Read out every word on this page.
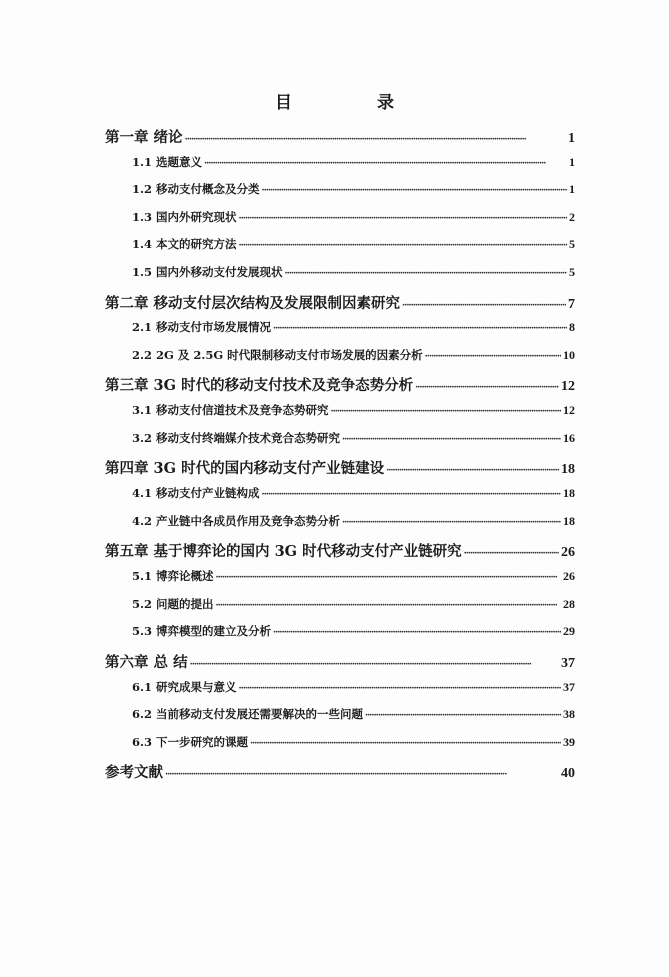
目　录
第一章 绪论 ·····	1
1.1 选题意义 ·····	1
1.2 移动支付概念及分类 ·····	1
1.3 国内外研究现状 ·····	2
1.4 本文的研究方法 ·····	5
1.5 国内外移动支付发展现状 ·····	5
第二章 移动支付层次结构及发展限制因素研究 ·····	7
2.1 移动支付市场发展情况 ·····	8
2.2 2G 及 2.5G 时代限制移动支付市场发展的因素分析 ·····	10
第三章 3G 时代的移动支付技术及竞争态势分析 ·····	12
3.1 移动支付信道技术及竞争态势研究 ·····	12
3.2 移动支付终端媒介技术竞合态势研究 ·····	16
第四章 3G 时代的国内移动支付产业链建设 ·····	18
4.1 移动支付产业链构成 ·····	18
4.2 产业链中各成员作用及竞争态势分析 ·····	18
第五章 基于博弈论的国内 3G 时代移动支付产业链研究 ·····	26
5.1 博弈论概述 ·····	26
5.2 问题的提出 ·····	28
5.3 博弈模型的建立及分析 ·····	29
第六章 总 结 ·····	37
6.1 研究成果与意义 ·····	37
6.2 当前移动支付发展还需要解决的一些问题 ·····	38
6.3 下一步研究的课题 ·····	39
参考文献 ·····	40
